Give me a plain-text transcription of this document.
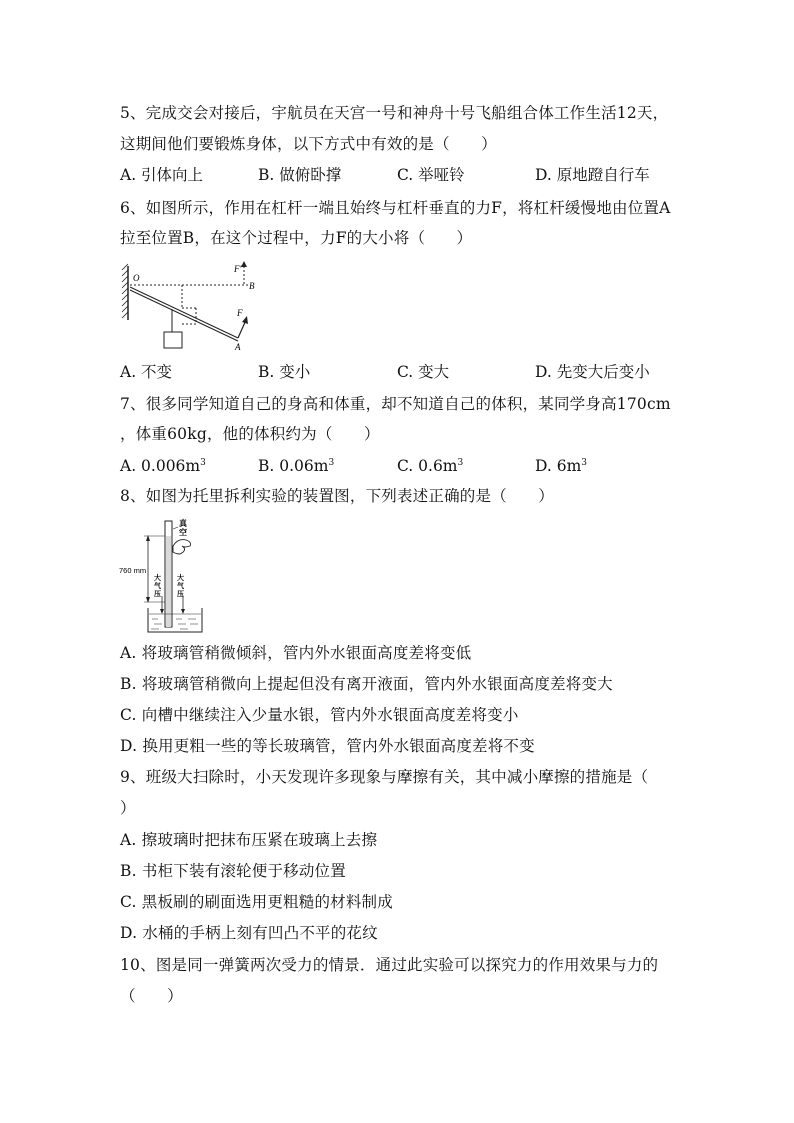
5、完成交会对接后，宇航员在天宫一号和神舟十号飞船组合体工作生活12天，
这期间他们要锻炼身体，以下方式中有效的是（　　）
A. 引体向上	B. 做俯卧撑	C. 举哑铃	D. 原地蹬自行车
6、如图所示，作用在杠杆一端且始终与杠杆垂直的力F，将杠杆缓慢地由位置A
拉至位置B，在这个过程中，力F的大小将（　　）
O
B
F'
F
A
A. 不变	B. 变小	C. 变大	D. 先变大后变小
7、很多同学知道自己的身高和体重，却不知道自己的体积，某同学身高170cm
，体重60kg，他的体积约为（　　）
A. $0.006m^3$	B. $0.06m^3$	C. $0.6m^3$	D. $6m^3$
8、如图为托里拆利实验的装置图，下列表述正确的是（　　）
760 mm
真
空
大
气
压
大
气
压
A. 将玻璃管稍微倾斜，管内外水银面高度差将变低
B. 将玻璃管稍微向上提起但没有离开液面，管内外水银面高度差将变大
C. 向槽中继续注入少量水银，管内外水银面高度差将变小
D. 换用更粗一些的等长玻璃管，管内外水银面高度差将不变
9、班级大扫除时，小天发现许多现象与摩擦有关，其中减小摩擦的措施是（
）
A. 擦玻璃时把抹布压紧在玻璃上去擦
B. 书柜下装有滚轮便于移动位置
C. 黑板刷的刷面选用更粗糙的材料制成
D. 水桶的手柄上刻有凹凸不平的花纹
10、图是同一弹簧两次受力的情景．通过此实验可以探究力的作用效果与力的
（　　）
